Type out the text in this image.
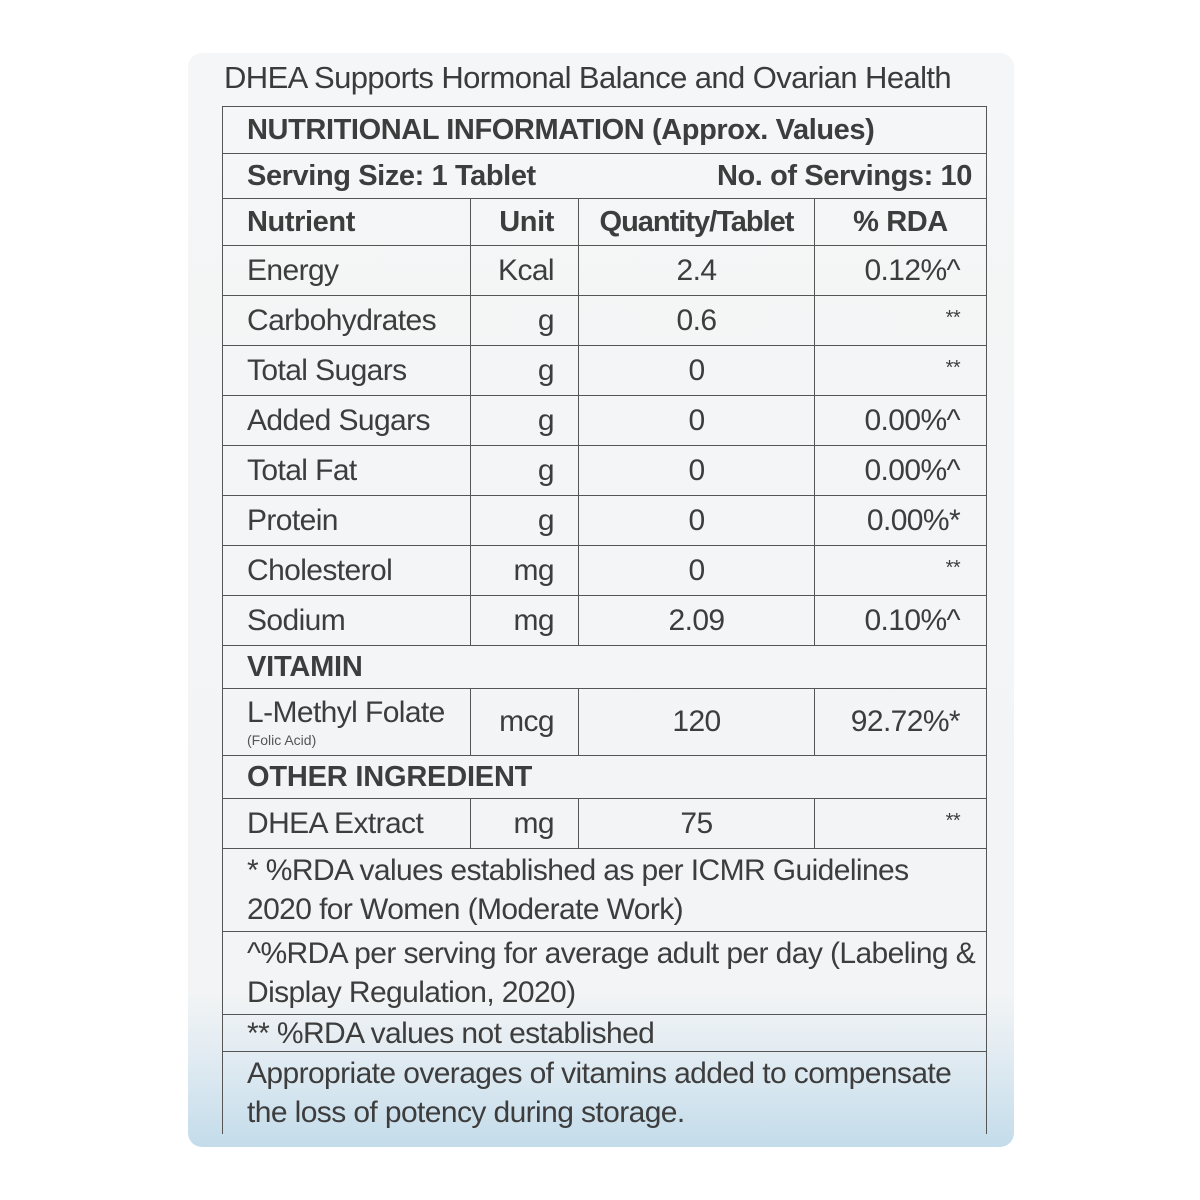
DHEA Supports Hormonal Balance and Ovarian Health
NUTRITIONAL INFORMATION (Approx. Values)			

Serving Size: 1 Tablet No. of Servings: 10			

Nutrient	Unit	Quantity/Tablet	% RDA
Energy	Kcal	2.4	0.12%^
Carbohydrates	g	0.6	**
Total Sugars	g	0	**
Added Sugars	g	0	0.00%^
Total Fat	g	0	0.00%^
Protein	g	0	0.00%*
Cholesterol	mg	0	**
Sodium	mg	2.09	0.10%^
VITAMIN			
L-Methyl Folate
(Folic Acid)	mcg	120	92.72%*
OTHER INGREDIENT			
DHEA Extract	mg	75	**
* %RDA values established as per ICMR Guidelines 2020 for Women (Moderate Work)			
^%RDA per serving for average adult per day (Labeling & Display Regulation, 2020)			
** %RDA values not established			
Appropriate overages of vitamins added to compensate the loss of potency during storage.			
